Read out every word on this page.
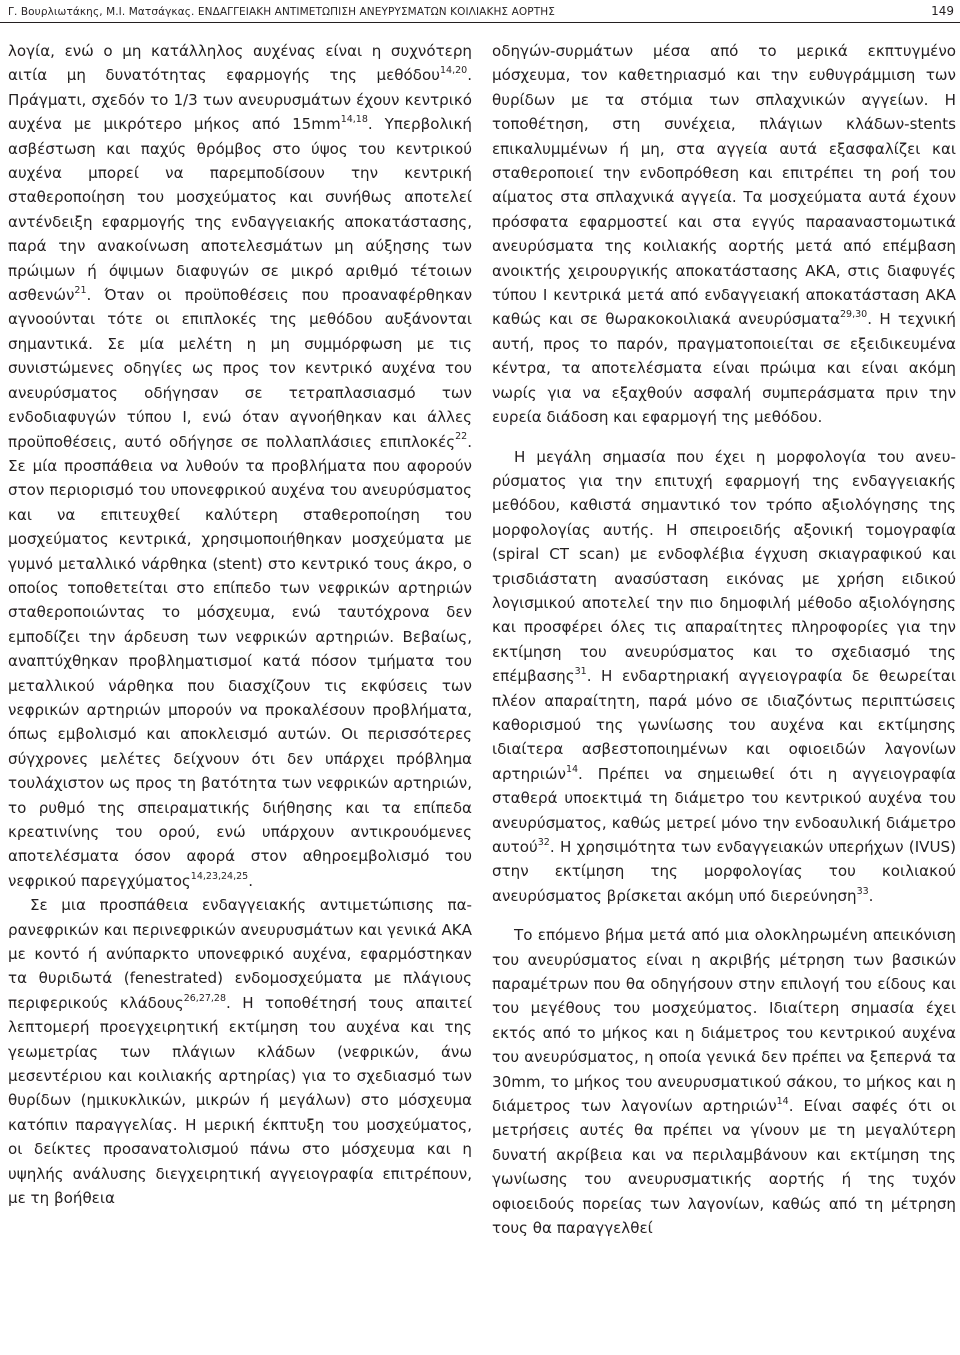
Γ. Βουρλιωτάκης, Μ.Ι. Ματσάγκας. ΕΝΔΑΓΓΕΙΑΚΗ ΑΝΤΙΜΕΤΩΠΙΣΗ ΑΝΕΥΡΥΣΜΑΤΩΝ ΚΟΙΛΙΑΚΗΣ ΑΟΡΤΗΣ	149

λογία, ενώ ο μη κατάλληλος αυχένας είναι η συχνότερη αιτία μη δυνατότητας εφαρμογής της μεθόδου$^{14,20}$. Πράγματι, σχεδόν το 1/3 των ανευρυσμάτων έχουν κεντρικό αυχένα με μικρότερο μήκος από 15mm$^{14,18}$. Υπερβολική ασβέστωση και παχύς θρόμβος στο ύψος του κεντρικού αυχένα μπορεί να παρεμποδίσουν την κεντρική σταθεροποίηση του μοσχεύματος και συνήθως αποτελεί αντένδειξη εφαρμογής της ενδαγγειακής αποκατάστασης, παρά την ανακοίνωση αποτελεσμάτων μη αύξησης των πρώιμων ή όψιμων διαφυγών σε μικρό αριθμό τέτοιων ασθενών$^{21}$. Όταν οι προϋποθέσεις που προαναφέρθηκαν αγνοούνται τότε οι επιπλοκές της μεθόδου αυξάνονται σημαντικά. Σε μία μελέτη η μη συμμόρφωση με τις συνιστώμενες οδηγίες ως προς τον κεντρικό αυχένα του ανευρύσματος οδήγησαν σε τετραπλασιασμό των ενδοδιαφυγών τύπου Ι, ενώ όταν αγνοήθηκαν και άλλες προϋποθέσεις, αυτό οδήγησε σε πολλαπλάσιες επιπλοκές$^{22}$. Σε μία προσπάθεια να λυθούν τα προβλήματα που αφορούν στον περιορισμό του υπονεφρικού αυχένα του ανευρύσματος και να επιτευχθεί καλύτερη σταθεροποίηση του μοσχεύματος κεντρικά, χρησιμοποιήθηκαν μοσχεύματα με γυμνό μεταλλικό νάρθηκα (stent) στο κεντρικό τους άκρο, ο οποίος τοποθετείται στο επίπεδο των νεφρικών αρτηριών σταθεροποιώντας το μόσχευμα, ενώ ταυτόχρονα δεν εμποδίζει την άρδευση των νεφρικών αρτηριών. Βεβαίως, αναπτύχθηκαν προβληματισμοί κατά πόσον τμήματα του μεταλλικού νάρθηκα που διασχίζουν τις εκφύσεις των νεφρικών αρτηριών μπορούν να προκαλέσουν προβλήματα, όπως εμβολισμό και αποκλεισμό αυτών. Οι περισσότερες σύγχρονες μελέτες δείχνουν ότι δεν υπάρχει πρόβλημα τουλάχιστον ως προς τη βατότητα των νεφρικών αρτηριών, το ρυθμό της σπειραματικής διήθησης και τα επίπεδα κρεατινίνης του ορού, ενώ υπάρχουν αντικρουόμενες αποτελέσματα όσον αφορά στον αθηροεμβολισμό του νεφρικού παρεγχύματος$^{14,23,24,25}$.

Σε μια προσπάθεια ενδαγγειακής αντιμετώπισης παρανεφρικών και περινεφρικών ανευρυσμάτων και γενικά ΑΚΑ με κοντό ή ανύπαρκτο υπονεφρικό αυχένα, εφαρμόστηκαν τα θυριδωτά (fenestrated) ενδομοσχεύματα με πλάγιους περιφερικούς κλάδους$^{26,27,28}$. Η τοποθέτησή τους απαιτεί λεπτομερή προεγχειρητική εκτίμηση του αυχένα και της γεωμετρίας των πλάγιων κλάδων (νεφρικών, άνω μεσεντέριου και κοιλιακής αρτηρίας) για το σχεδιασμό των θυρίδων (ημικυκλικών, μικρών ή μεγάλων) στο μόσχευμα κατόπιν παραγγελίας. Η μερική έκπτυξη του μοσχεύματος, οι δείκτες προσανατολισμού πάνω στο μόσχευμα και η υψηλής ανάλυσης διεγχειρητική αγγειογραφία επιτρέπουν, με τη βοήθεια

οδηγών-συρμάτων μέσα από το μερικά εκπτυγμένο μόσχευμα, τον καθετηριασμό και την ευθυγράμμιση των θυρίδων με τα στόμια των σπλαχνικών αγγείων. Η τοποθέτηση, στη συνέχεια, πλάγιων κλάδων-stents επικαλυμμένων ή μη, στα αγγεία αυτά εξασφαλίζει και σταθεροποιεί την ενδοπρόθεση και επιτρέπει τη ροή του αίματος στα σπλαχνικά αγγεία. Τα μοσχεύματα αυτά έχουν πρόσφατα εφαρμοστεί και στα εγγύς παρααναστομωτικά ανευρύσματα της κοιλιακής αορτής μετά από επέμβαση ανοικτής χειρουργικής αποκατάστασης ΑΚΑ, στις διαφυγές τύπου Ι κεντρικά μετά από ενδαγγειακή αποκατάσταση ΑΚΑ καθώς και σε θωρακοκοιλιακά ανευρύσματα$^{29,30}$. Η τεχνική αυτή, προς το παρόν, πραγματοποιείται σε εξειδικευμένα κέντρα, τα αποτελέσματα είναι πρώιμα και είναι ακόμη νωρίς για να εξαχθούν ασφαλή συμπεράσματα πριν την ευρεία διάδοση και εφαρμογή της μεθόδου.

Η μεγάλη σημασία που έχει η μορφολογία του ανευρύσματος για την επιτυχή εφαρμογή της ενδαγγειακής μεθόδου, καθιστά σημαντικό τον τρόπο αξιολόγησης της μορφολογίας αυτής. Η σπειροειδής αξονική τομογραφία (spiral CT scan) με ενδοφλέβια έγχυση σκιαγραφικού και τρισδιάστατη ανασύσταση εικόνας με χρήση ειδικού λογισμικού αποτελεί την πιο δημοφιλή μέθοδο αξιολόγησης και προσφέρει όλες τις απαραίτητες πληροφορίες για την εκτίμηση του ανευρύσματος και το σχεδιασμό της επέμβασης$^{31}$. Η ενδαρτηριακή αγγειογραφία δε θεωρείται πλέον απαραίτητη, παρά μόνο σε ιδιαζόντως περιπτώσεις καθορισμού της γωνίωσης του αυχένα και εκτίμησης ιδιαίτερα ασβεστοποιημένων και οφιοειδών λαγονίων αρτηριών$^{14}$. Πρέπει να σημειωθεί ότι η αγγειογραφία σταθερά υποεκτιμά τη διάμετρο του κεντρικού αυχένα του ανευρύσματος, καθώς μετρεί μόνο την ενδοαυλική διάμετρο αυτού$^{32}$. Η χρησιμότητα των ενδαγγειακών υπερήχων (IVUS) στην εκτίμηση της μορφολογίας του κοιλιακού ανευρύσματος βρίσκεται ακόμη υπό διερεύνηση$^{33}$.

Το επόμενο βήμα μετά από μια ολοκληρωμένη απεικόνιση του ανευρύσματος είναι η ακριβής μέτρηση των βασικών παραμέτρων που θα οδηγήσουν στην επιλογή του είδους και του μεγέθους του μοσχεύματος. Ιδιαίτερη σημασία έχει εκτός από το μήκος και η διάμετρος του κεντρικού αυχένα του ανευρύσματος, η οποία γενικά δεν πρέπει να ξεπερνά τα 30mm, το μήκος του ανευρυσματικού σάκου, το μήκος και η διάμετρος των λαγονίων αρτηριών$^{14}$. Είναι σαφές ότι οι μετρήσεις αυτές θα πρέπει να γίνουν με τη μεγαλύτερη δυνατή ακρίβεια και να περιλαμβάνουν και εκτίμηση της γωνίωσης του ανευρυσματικής αορτής ή της τυχόν οφιοειδούς πορείας των λαγονίων, καθώς από τη μέτρηση τους θα παραγγελθεί
